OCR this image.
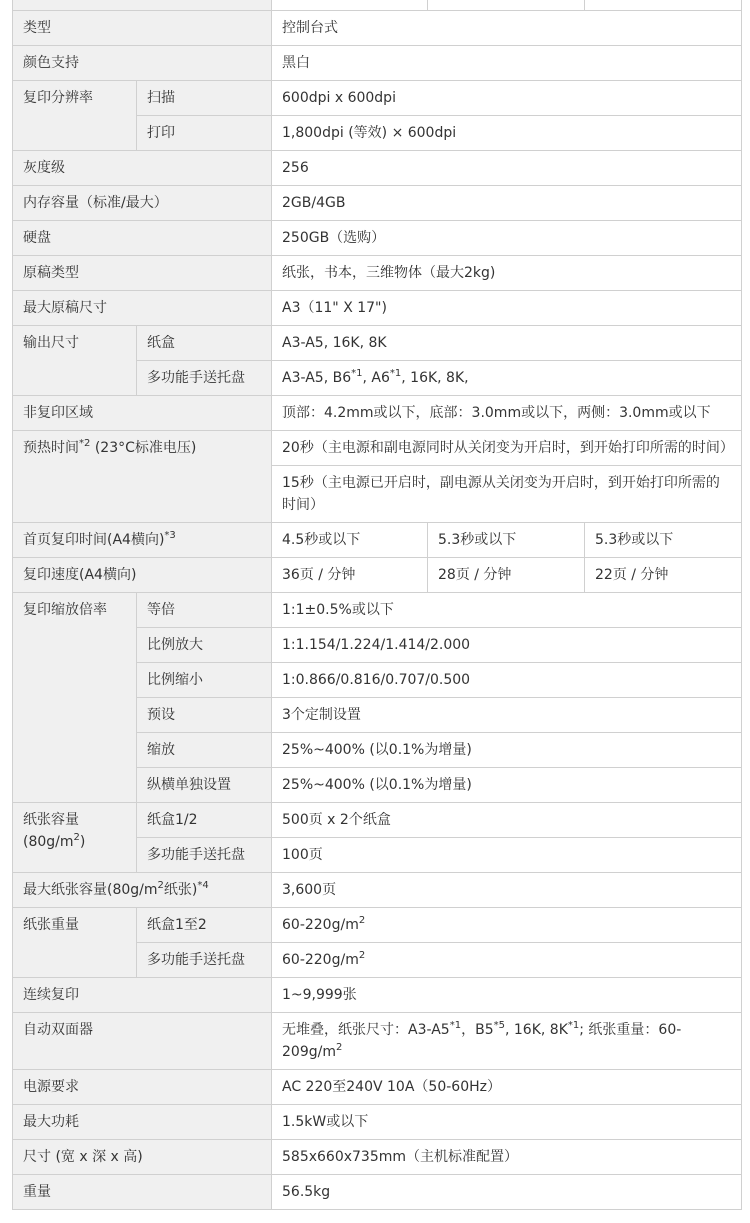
类型		控制台式		
颜色支持		黑白		
复印分辨率	扫描	600dpi x 600dpi		
	打印	1,800dpi (等效) × 600dpi		
灰度级		256		
内存容量（标准/最大）		2GB/4GB		
硬盘		250GB（选购）		
原稿类型		纸张，书本，三维物体（最大2kg)		
最大原稿尺寸		A3（11" X 17")		
输出尺寸	纸盒	A3-A5, 16K, 8K		
	多功能手送托盘	A3-A5, B6$^{*1}$, A6$^{*1}$, 16K, 8K,		
非复印区域		顶部：4.2mm或以下，底部：3.0mm或以下，两侧：3.0mm或以下		
预热时间$^{*2}$ (23°C标准电压)		20秒（主电源和副电源同时从关闭变为开启时，到开始打印所需的时间）		
		15秒（主电源已开启时，副电源从关闭变为开启时，到开始打印所需的时间）		
首页复印时间(A4横向)$^{*3}$		4.5秒或以下	5.3秒或以下	5.3秒或以下
复印速度(A4横向)		36页 / 分钟	28页 / 分钟	22页 / 分钟
复印缩放倍率	等倍	1:1±0.5%或以下		
	比例放大	1:1.154/1.224/1.414/2.000		
	比例缩小	1:0.866/0.816/0.707/0.500		
	预设	3个定制设置		
	缩放	25%~400% (以0.1%为增量)		
	纵横单独设置	25%~400% (以0.1%为增量)		
纸张容量
$(80g/m^2)$	纸盒1/2	500页 x 2个纸盒		
	多功能手送托盘	100页		
最大纸张容量($80g/m^2$纸张)$^{*4}$		3,600页		
纸张重量	纸盒1至2	$60-220g/m^2$
	多功能手送托盘	$60-220g/m^2$
连续复印		1~9,999张		
自动双面器		无堆叠，纸张尺寸：A3-A5$^{*1}$，B5$^{*5}$, 16K, $8K^{*1}$; 纸张重量：$60-209g/m^2$
电源要求		AC 220至240V 10A（50-60Hz）		
最大功耗		1.5kW或以下		
尺寸 (宽 x 深 x 高)		585x660x735mm（主机标准配置）		
重量		56.5kg		
